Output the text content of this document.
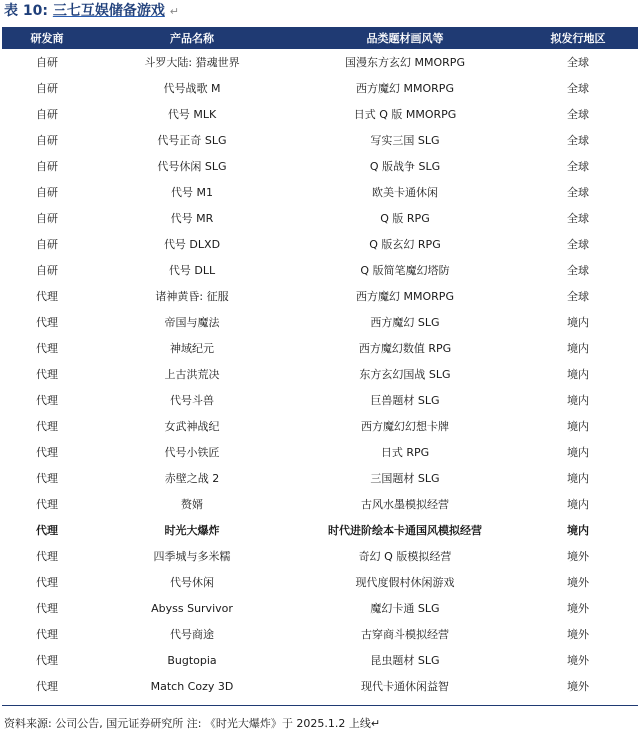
表 10: 三七互娱储备游戏 ↵
研发商	产品名称	品类题材画风等	拟发行地区
自研	斗罗大陆: 猎魂世界	国漫东方玄幻 MMORPG	全球
自研	代号战歌 M	西方魔幻 MMORPG	全球
自研	代号 MLK	日式 Q 版 MMORPG	全球
自研	代号正奇 SLG	写实三国 SLG	全球
自研	代号休闲 SLG	Q 版战争 SLG	全球
自研	代号 M1	欧美卡通休闲	全球
自研	代号 MR	Q 版 RPG	全球
自研	代号 DLXD	Q 版玄幻 RPG	全球
自研	代号 DLL	Q 版简笔魔幻塔防	全球
代理	诸神黄昏: 征服	西方魔幻 MMORPG	全球
代理	帝国与魔法	西方魔幻 SLG	境内
代理	神域纪元	西方魔幻数值 RPG	境内
代理	上古洪荒决	东方玄幻国战 SLG	境内
代理	代号斗兽	巨兽题材 SLG	境内
代理	女武神战纪	西方魔幻幻想卡牌	境内
代理	代号小铁匠	日式 RPG	境内
代理	赤壁之战 2	三国题材 SLG	境内
代理	赘婿	古风水墨模拟经营	境内
代理	时光大爆炸	时代进阶绘本卡通国风模拟经营	境内
代理	四季城与多米糯	奇幻 Q 版模拟经营	境外
代理	代号休闲	现代度假村休闲游戏	境外
代理	Abyss Survivor	魔幻卡通 SLG	境外
代理	代号商途	古穿商斗模拟经营	境外
代理	Bugtopia	昆虫题材 SLG	境外
代理	Match Cozy 3D	现代卡通休闲益智	境外
资料来源: 公司公告, 国元证券研究所 注: 《时光大爆炸》于 2025.1.2 上线↵
